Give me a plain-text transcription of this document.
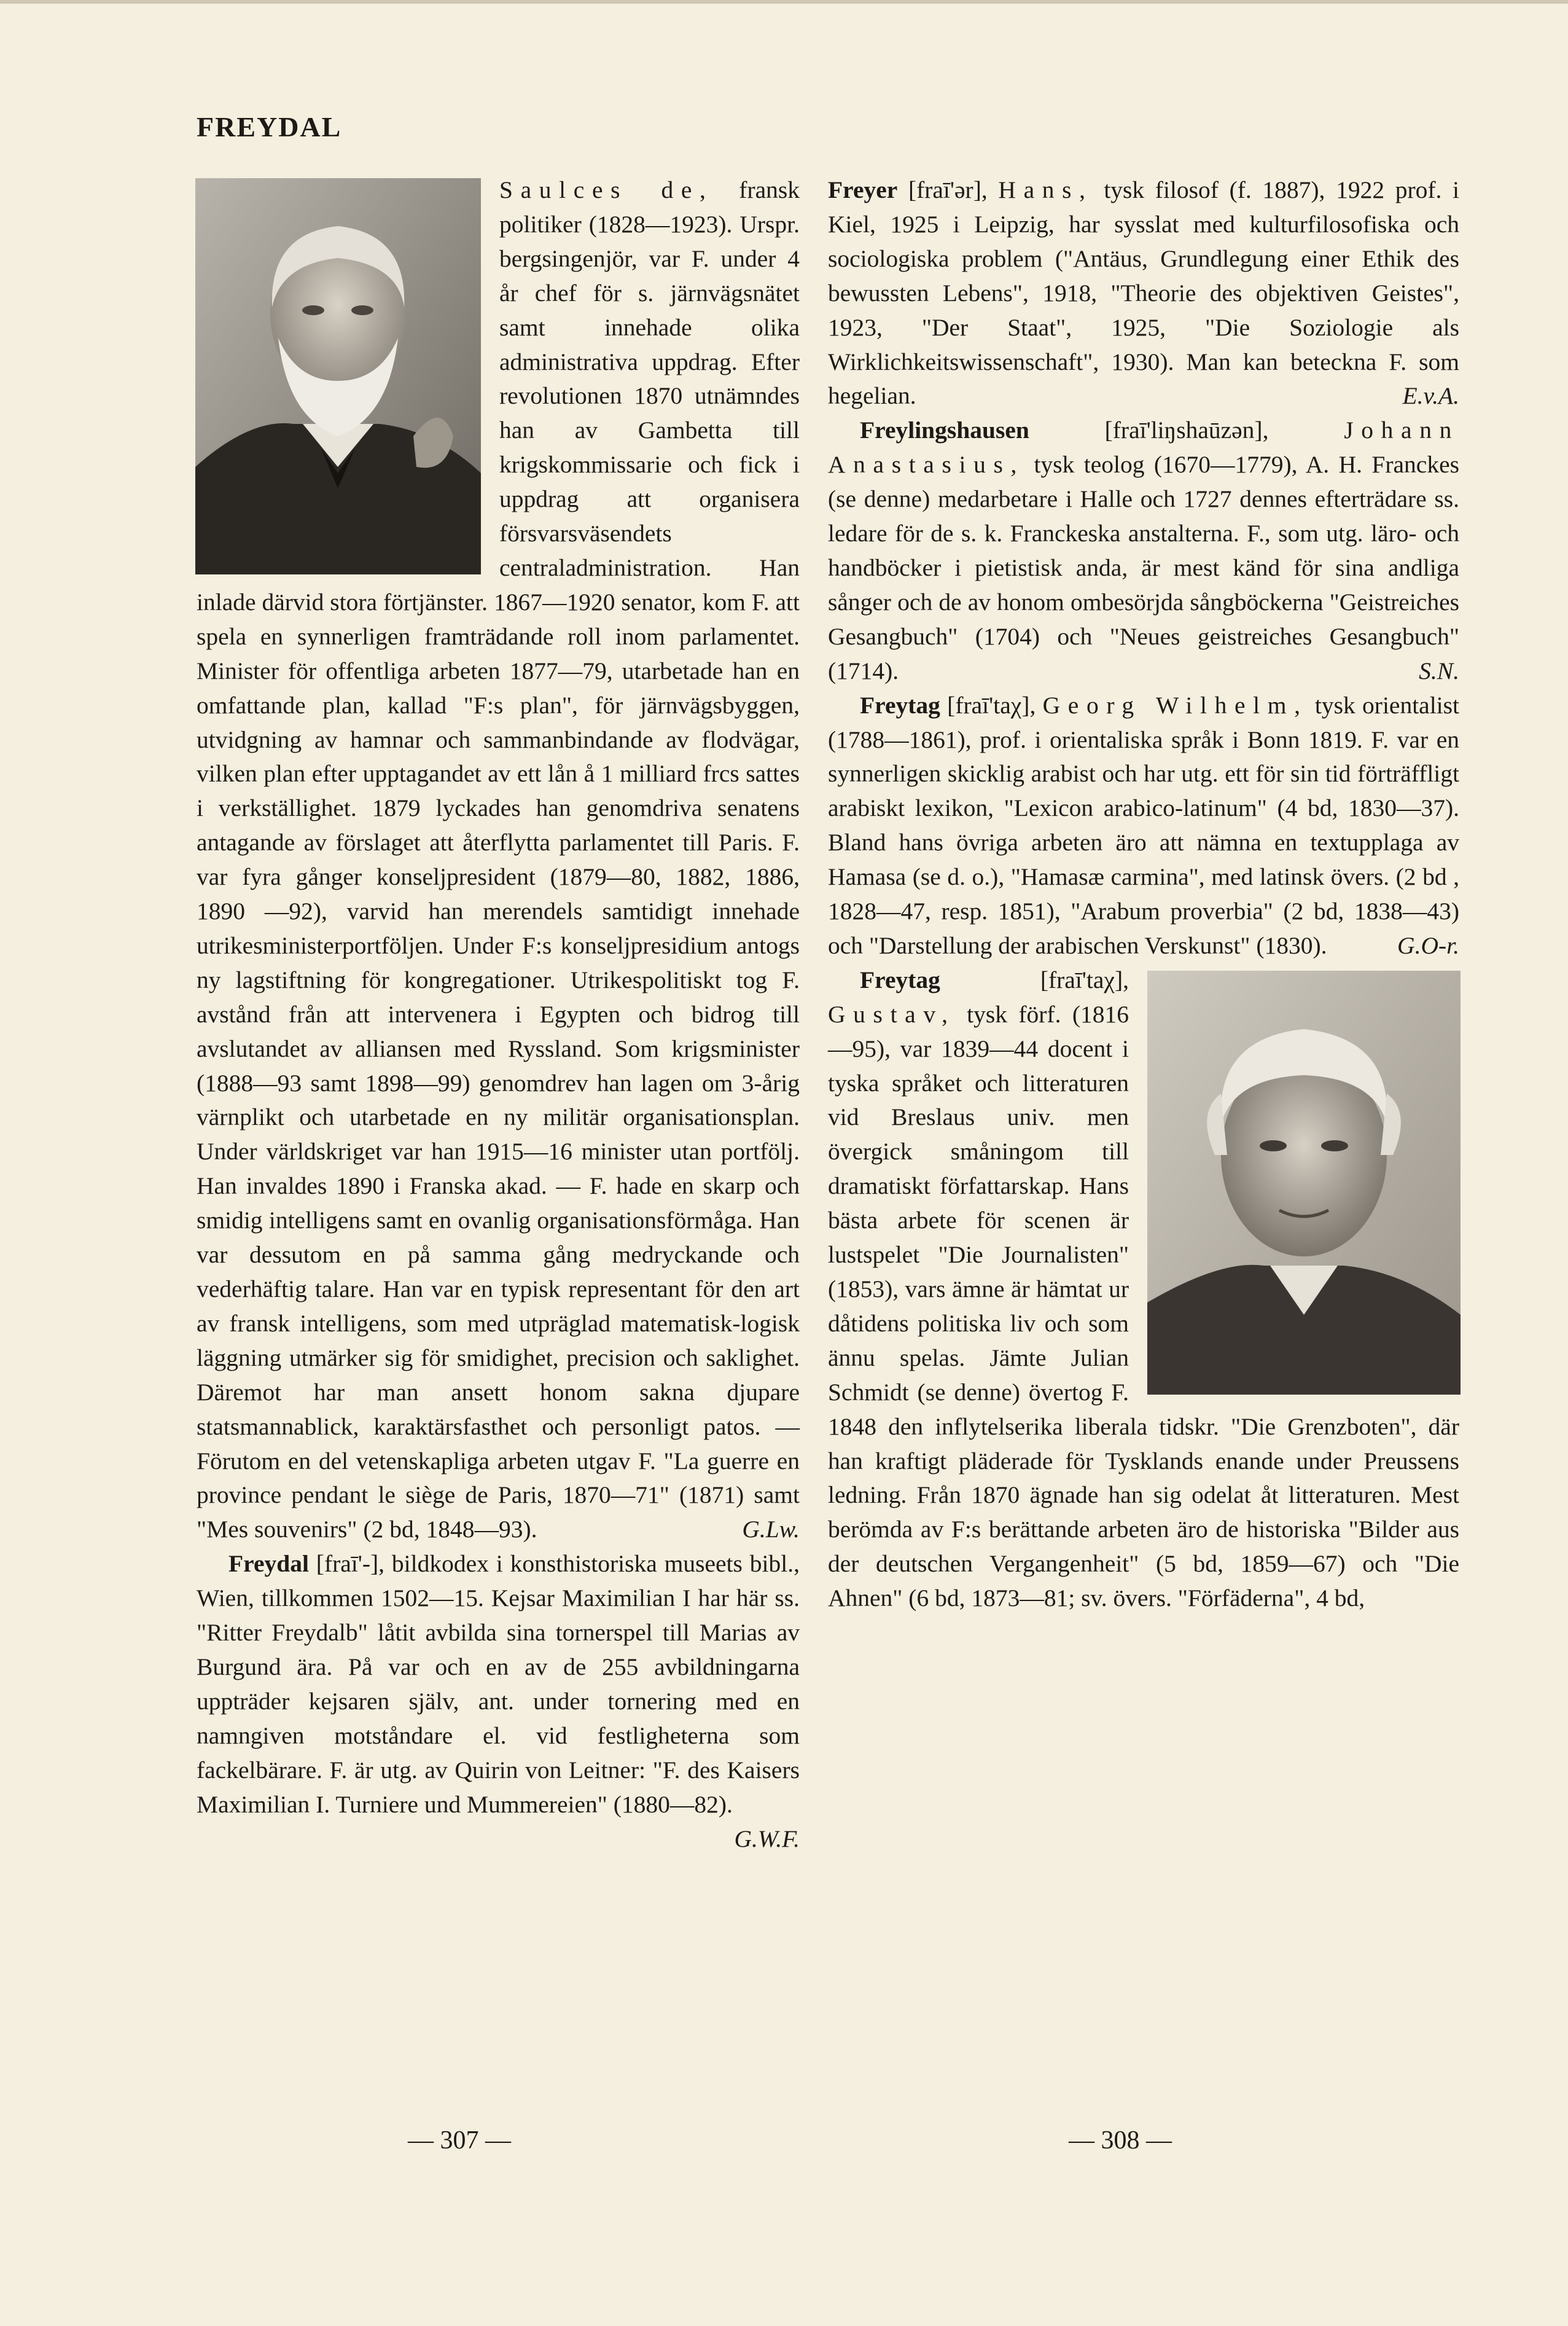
FREYDAL

Saulces de, fransk politiker (1828—1923). Urspr. bergsingenjör, var F. under 4 år chef för s. järnvägsnätet samt innehade olika administrativa uppdrag. Efter revolutionen 1870 utnämndes han av Gambetta till krigskommissarie och fick i uppdrag att organisera försvarsväsendets centraladministration. Han inlade därvid stora förtjänster. 1867—1920 senator, kom F. att spela en synnerligen framträdande roll inom parlamentet. Minister för offentliga arbeten 1877—79, utarbetade han en omfattande plan, kallad "F:s plan", för järnvägsbyggen, utvidgning av hamnar och sammanbindande av flodvägar, vilken plan efter upptagandet av ett lån å 1 milliard frcs sattes i verkställighet. 1879 lyckades han genomdriva senatens antagande av förslaget att återflytta parlamentet till Paris. F. var fyra gånger konseljpresident (1879—80, 1882, 1886, 1890 —92), varvid han merendels samtidigt innehade utrikesministerportföljen. Under F:s konseljpresidium antogs ny lagstiftning för kongregationer. Utrikespolitiskt tog F. avstånd från att intervenera i Egypten och bidrog till avslutandet av alliansen med Ryssland. Som krigsminister (1888—93 samt 1898—99) genomdrev han lagen om 3-årig värnplikt och utarbetade en ny militär organisationsplan. Under världskriget var han 1915—16 minister utan portfölj. Han invaldes 1890 i Franska akad. — F. hade en skarp och smidig intelligens samt en ovanlig organisationsförmåga. Han var dessutom en på samma gång medryckande och vederhäftig talare. Han var en typisk representant för den art av fransk intelligens, som med utpräglad matematisk-logisk läggning utmärker sig för smidighet, precision och saklighet. Däremot har man ansett honom sakna djupare statsmannablick, karaktärsfasthet och personligt patos. — Förutom en del vetenskapliga arbeten utgav F. "La guerre en province pendant le siège de Paris, 1870—71" (1871) samt "Mes souvenirs" (2 bd, 1848—93).	G.Lw.

Freydal [fraī'-], bildkodex i konsthistoriska museets bibl., Wien, tillkommen 1502—15. Kejsar Maximilian I har här ss. "Ritter Freydalb" låtit avbilda sina tornerspel till Marias av Burgund ära. På var och en av de 255 avbildningarna uppträder kejsaren själv, ant. under tornering med en namngiven motståndare el. vid festligheterna som fackelbärare. F. är utg. av Quirin von Leitner: "F. des Kaisers Maximilian I. Turniere und Mummereien" (1880—82).
G.W.F.

Freyer [fraī'ər], Hans, tysk filosof (f. 1887), 1922 prof. i Kiel, 1925 i Leipzig, har sysslat med kulturfilosofiska och sociologiska problem ("Antäus, Grundlegung einer Ethik des bewussten Lebens", 1918, "Theorie des objektiven Geistes", 1923, "Der Staat", 1925, "Die Soziologie als Wirklichkeitswissenschaft", 1930). Man kan beteckna F. som hegelian.	E.v.A.

Freylingshausen [fraī'liŋshaūzən],	Johann Anastasius, tysk teolog (1670—1779), A. H. Franckes (se denne) medarbetare i Halle och 1727 dennes efterträdare ss. ledare för de s. k. Franckeska anstalterna. F., som utg. läro- och handböcker i pietistisk anda, är mest känd för sina andliga sånger och de av honom ombesörjda sångböckerna "Geistreiches Gesangbuch" (1704) och "Neues geistreiches Gesangbuch" (1714).	S.N.

Freytag [fraī'taχ], Georg Wilhelm, tysk orientalist (1788—1861), prof. i orientaliska språk i Bonn 1819. F. var en synnerligen skicklig arabist och har utg. ett för sin tid förträffligt arabiskt lexikon, "Lexicon arabico-latinum" (4 bd, 1830—37). Bland hans övriga arbeten äro att nämna en textupplaga av Hamasa (se d. o.), "Hamasæ carmina", med latinsk övers. (2 bd , 1828—47, resp. 1851), "Arabum proverbia" (2 bd, 1838—43) och "Darstellung der arabischen Verskunst" (1830).	G.O-r.

Freytag [fraī'taχ], Gustav, tysk förf. (1816 —95), var 1839—44 docent i tyska språket och litteraturen vid Breslaus univ. men övergick småningom till dramatiskt författarskap. Hans bästa arbete för scenen är lustspelet "Die Journalisten" (1853), vars ämne är hämtat ur dåtidens politiska liv och som ännu spelas. Jämte Julian Schmidt (se denne) övertog F. 1848 den inflytelserika liberala tidskr. "Die Grenzboten", där han kraftigt pläderade för Tysklands enande under Preussens ledning. Från 1870 ägnade han sig odelat åt litteraturen. Mest berömda av F:s berättande arbeten äro de historiska "Bilder aus der deutschen Vergangenheit" (5 bd, 1859—67) och "Die Ahnen" (6 bd, 1873—81; sv. övers. "Förfäderna", 4 bd,

— 307 —	— 308 —
